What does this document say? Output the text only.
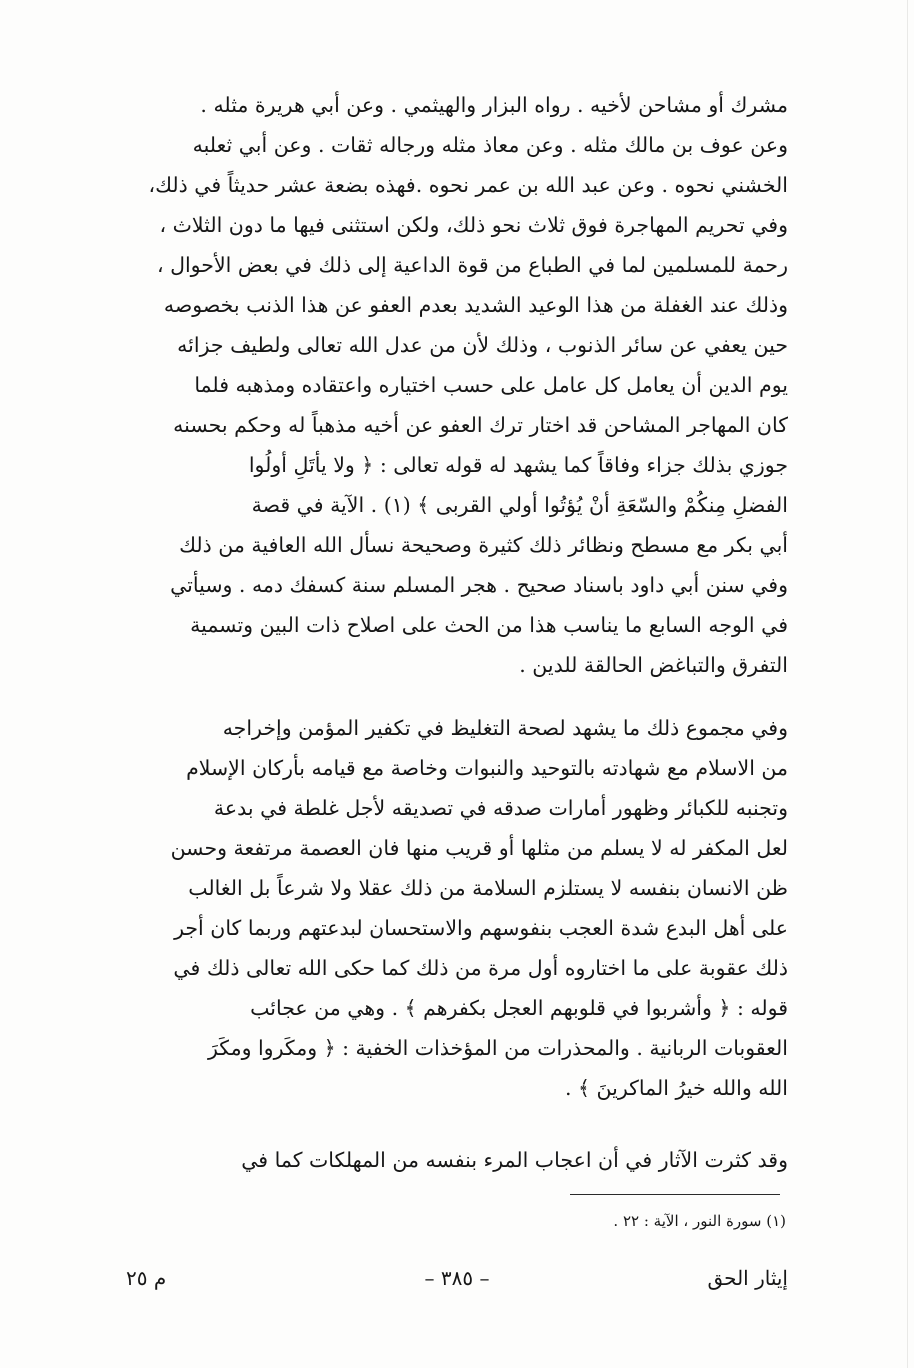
مشرك أو مشاحن لأخيه . رواه البزار والهيثمي . وعن أبي هريرة مثله .
وعن عوف بن مالك مثله . وعن معاذ مثله ورجاله ثقات . وعن أبي ثعلبه
الخشني نحوه . وعن عبد الله بن عمر نحوه .فهذه بضعة عشر حديثاً في ذلك،
وفي تحريم المهاجرة فوق ثلاث نحو ذلك، ولكن استثنى فيها ما دون الثلاث ،
رحمة للمسلمين لما في الطباع من قوة الداعية إلى ذلك في بعض الأحوال ،
وذلك عند الغفلة من هذا الوعيد الشديد بعدم العفو عن هذا الذنب بخصوصه
حين يعفي عن سائر الذنوب ، وذلك لأن من عدل الله تعالى ولطيف جزائه
يوم الدين أن يعامل كل عامل على حسب اختياره واعتقاده ومذهبه فلما
كان المهاجر المشاحن قد اختار ترك العفو عن أخيه مذهباً له وحكم بحسنه
جوزي بذلك جزاء وفاقاً كما يشهد له قوله تعالى : ﴿ ولا يأتَلِ أولُوا
الفضلِ مِنكُمْ والسّعَةِ أنْ يُؤتُوا أولي القربى ﴾ (١) . الآية في قصة
أبي بكر مع مسطح ونظائر ذلك كثيرة وصحيحة نسأل الله العافية من ذلك
وفي سنن أبي داود باسناد صحيح . هجر المسلم سنة كسفك دمه . وسيأتي
في الوجه السابع ما يناسب هذا من الحث على اصلاح ذات البين وتسمية
التفرق والتباغض الحالقة للدين .
وفي مجموع ذلك ما يشهد لصحة التغليظ في تكفير المؤمن وإخراجه
من الاسلام مع شهادته بالتوحيد والنبوات وخاصة مع قيامه بأركان الإسلام
وتجنبه للكبائر وظهور أمارات صدقه في تصديقه لأجل غلطة في بدعة
لعل المكفر له لا يسلم من مثلها أو قريب منها فان العصمة مرتفعة وحسن
ظن الانسان بنفسه لا يستلزم السلامة من ذلك عقلا ولا شرعاً بل الغالب
على أهل البدع شدة العجب بنفوسهم والاستحسان لبدعتهم وربما كان أجر
ذلك عقوبة على ما اختاروه أول مرة من ذلك كما حكى الله تعالى ذلك في
قوله : ﴿ وأشربوا في قلوبهم العجل بكفرهم ﴾ . وهي من عجائب
العقوبات الربانية . والمحذرات من المؤخذات الخفية : ﴿ ومكَروا ومكَرَ
الله والله خيرُ الماكرينَ ﴾ .
وقد كثرت الآثار في أن اعجاب المرء بنفسه من المهلكات كما في
(١) سورة النور ، الآية : ٢٢ .
إيثار الحق
– ٣٨٥ –
م ٢٥
